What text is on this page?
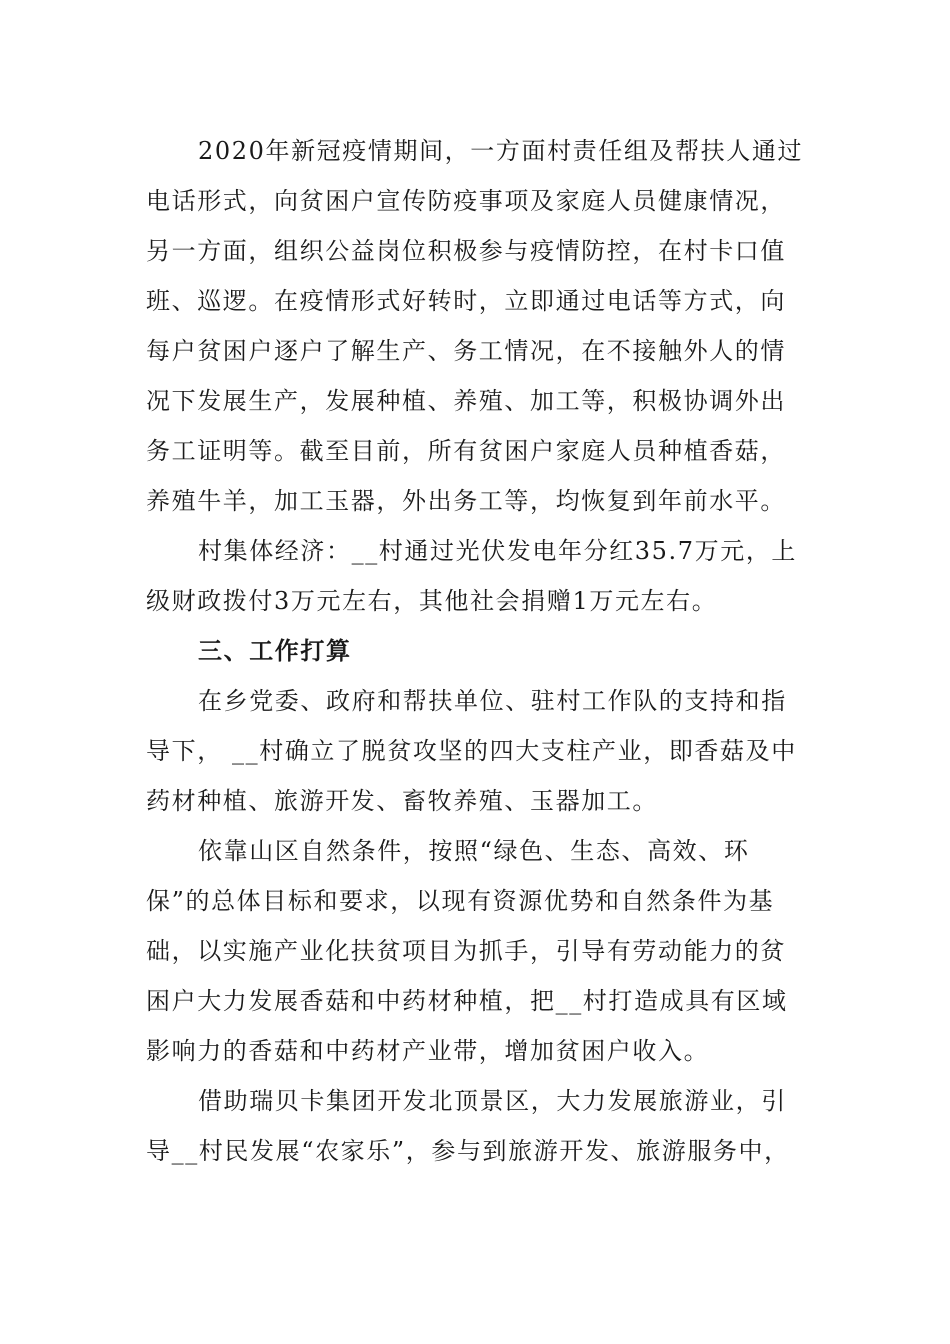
2020年新冠疫情期间，一方面村责任组及帮扶人通过
电话形式，向贫困户宣传防疫事项及家庭人员健康情况，
另一方面，组织公益岗位积极参与疫情防控，在村卡口值
班、巡逻。在疫情形式好转时，立即通过电话等方式，向
每户贫困户逐户了解生产、务工情况，在不接触外人的情
况下发展生产，发展种植、养殖、加工等，积极协调外出
务工证明等。截至目前，所有贫困户家庭人员种植香菇，
养殖牛羊，加工玉器，外出务工等，均恢复到年前水平。
村集体经济：__村通过光伏发电年分红35.7万元，上
级财政拨付3万元左右，其他社会捐赠1万元左右。
三、工作打算
在乡党委、政府和帮扶单位、驻村工作队的支持和指
导下， __村确立了脱贫攻坚的四大支柱产业，即香菇及中
药材种植、旅游开发、畜牧养殖、玉器加工。
依靠山区自然条件，按照“绿色、生态、高效、环
保”的总体目标和要求，以现有资源优势和自然条件为基
础，以实施产业化扶贫项目为抓手，引导有劳动能力的贫
困户大力发展香菇和中药材种植，把__村打造成具有区域
影响力的香菇和中药材产业带，增加贫困户收入。
借助瑞贝卡集团开发北顶景区，大力发展旅游业，引
导__村民发展“农家乐”，参与到旅游开发、旅游服务中，
